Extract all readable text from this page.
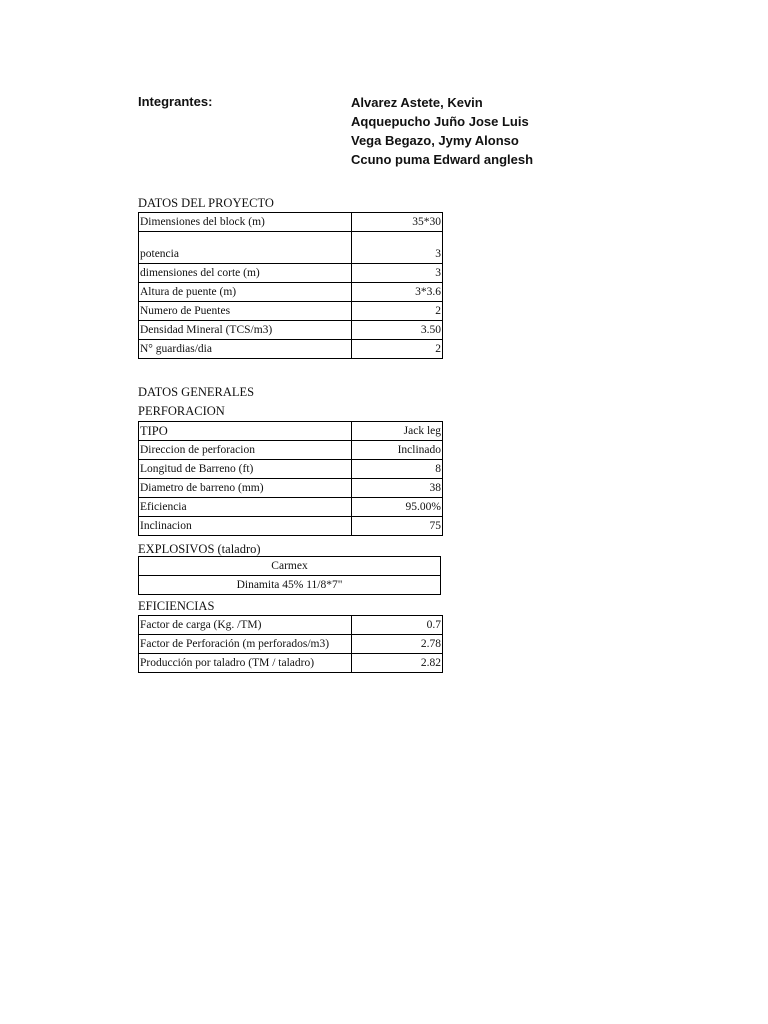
Integrantes:	Alvarez Astete, Kevin
Aqquepucho Juño Jose Luis
Vega Begazo, Jymy Alonso
Ccuno puma Edward anglesh
DATOS DEL PROYECTO
Dimensiones del block (m)	35*30
potencia	3
dimensiones del corte (m)	3
Altura de puente (m)	3*3.6
Numero de Puentes	2
Densidad Mineral (TCS/m3)	3.50
N° guardias/dia	2
DATOS GENERALES
PERFORACION
TIPO	Jack leg
Direccion de perforacion	Inclinado
Longitud de Barreno (ft)	8
Diametro de barreno (mm)	38
Eficiencia	95.00%
Inclinacion	75
EXPLOSIVOS (taladro)
Carmex
Dinamita 45% 11/8*7"
EFICIENCIAS
Factor de carga (Kg. /TM)	0.7
Factor de Perforación (m perforados/m3)	2.78
Producción por taladro (TM / taladro)	2.82
